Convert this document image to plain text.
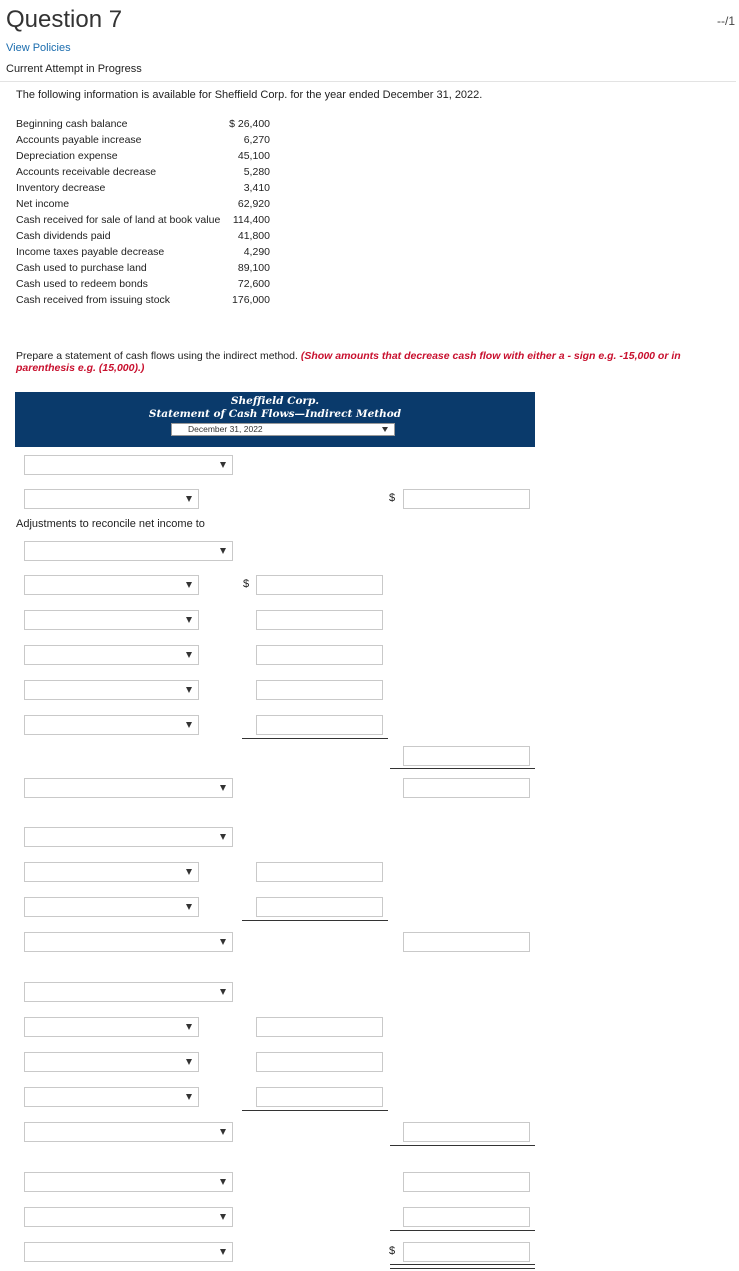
Question 7	--/1
View Policies
Current Attempt in Progress
The following information is available for Sheffield Corp. for the year ended December 31, 2022.
Beginning cash balance	$ 26,400
Accounts payable increase	6,270
Depreciation expense	45,100
Accounts receivable decrease	5,280
Inventory decrease	3,410
Net income	62,920
Cash received for sale of land at book value	114,400
Cash dividends paid	41,800
Income taxes payable decrease	4,290
Cash used to purchase land	89,100
Cash used to redeem bonds	72,600
Cash received from issuing stock	176,000
Prepare a statement of cash flows using the indirect method. (Show amounts that decrease cash flow with either a - sign e.g. -15,000 or in parenthesis e.g. (15,000).)
Sheffield Corp.
Statement of Cash Flows—Indirect Method
December 31, 2022
$
Adjustments to reconcile net income to
$
$
